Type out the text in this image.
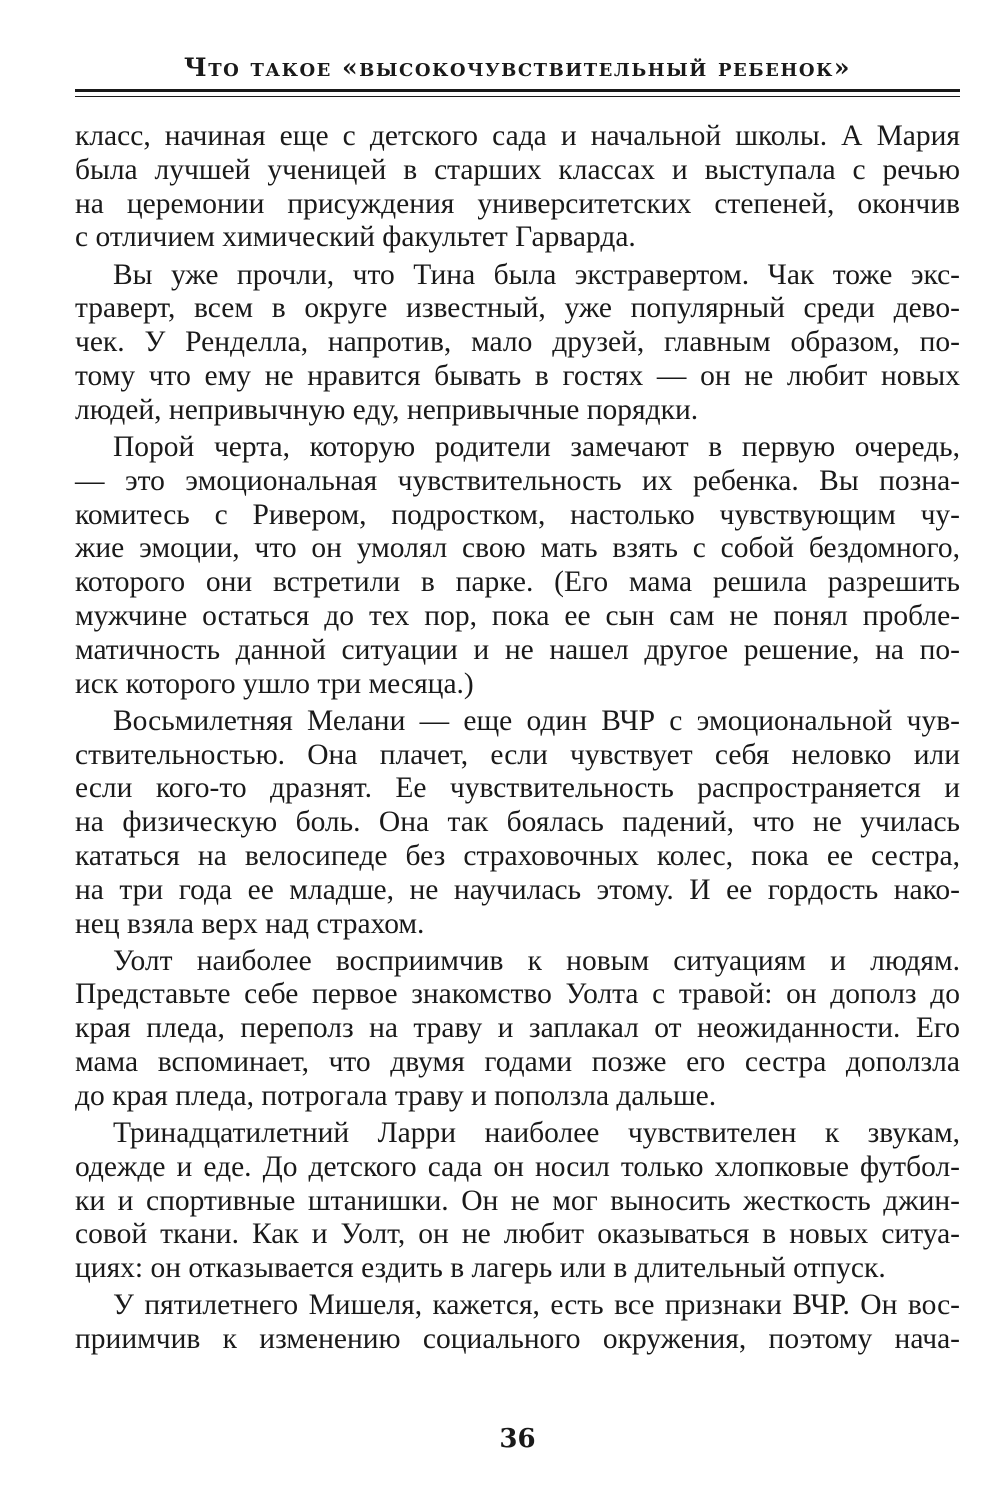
Что такое «высокочувствительный ребенок»
класс, начиная еще с детского сада и начальной школы. А Мария
была лучшей ученицей в старших классах и выступала с речью
на церемонии присуждения университетских степеней, окончив
с отличием химический факультет Гарварда.
Вы уже прочли, что Тина была экстравертом. Чак тоже экс-
траверт, всем в округе известный, уже популярный среди дево-
чек. У Ренделла, напротив, мало друзей, главным образом, по-
тому что ему не нравится бывать в гостях — он не любит новых
людей, непривычную еду, непривычные порядки.
Порой черта, которую родители замечают в первую очередь,
— это эмоциональная чувствительность их ребенка. Вы позна-
комитесь с Ривером, подростком, настолько чувствующим чу-
жие эмоции, что он умолял свою мать взять с собой бездомного,
которого они встретили в парке. (Его мама решила разрешить
мужчине остаться до тех пор, пока ее сын сам не понял пробле-
матичность данной ситуации и не нашел другое решение, на по-
иск которого ушло три месяца.)
Восьмилетняя Мелани — еще один ВЧР с эмоциональной чув-
ствительностью. Она плачет, если чувствует себя неловко или
если кого-то дразнят. Ее чувствительность распространяется и
на физическую боль. Она так боялась падений, что не училась
кататься на велосипеде без страховочных колес, пока ее сестра,
на три года ее младше, не научилась этому. И ее гордость нако-
нец взяла верх над страхом.
Уолт наиболее восприимчив к новым ситуациям и людям.
Представьте себе первое знакомство Уолта с травой: он дополз до
края пледа, переполз на траву и заплакал от неожиданности. Его
мама вспоминает, что двумя годами позже его сестра доползла
до края пледа, потрогала траву и поползла дальше.
Тринадцатилетний Ларри наиболее чувствителен к звукам,
одежде и еде. До детского сада он носил только хлопковые футбол-
ки и спортивные штанишки. Он не мог выносить жесткость джин-
совой ткани. Как и Уолт, он не любит оказываться в новых ситуа-
циях: он отказывается ездить в лагерь или в длительный отпуск.
У пятилетнего Мишеля, кажется, есть все признаки ВЧР. Он вос-
приимчив к изменению социального окружения, поэтому нача-
36
